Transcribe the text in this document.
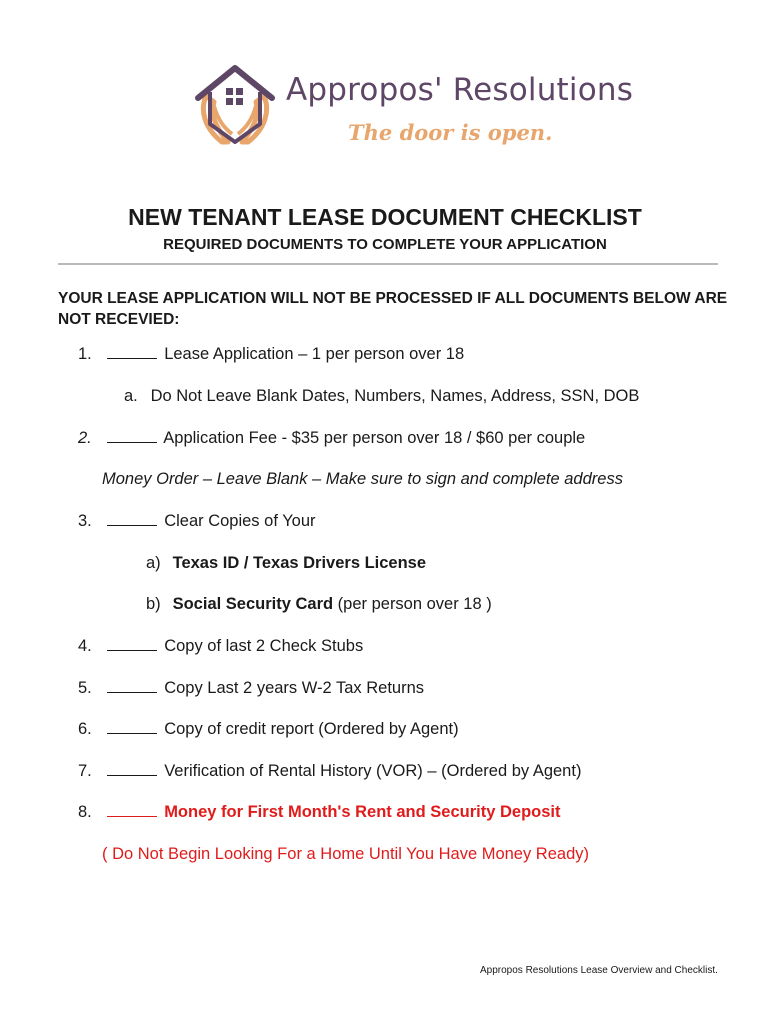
Appropos' Resolutions
The door is open.
NEW TENANT LEASE DOCUMENT CHECKLIST
REQUIRED DOCUMENTS TO COMPLETE YOUR APPLICATION
YOUR LEASE APPLICATION WILL NOT BE PROCESSED IF ALL DOCUMENTS BELOW ARE NOT RECEVIED:
1.	Lease Application – 1 per person over 18
a. Do Not Leave Blank Dates, Numbers, Names, Address, SSN, DOB
2.	Application Fee - $35 per person over 18 / $60 per couple
Money Order – Leave Blank – Make sure to sign and complete address
3.	Clear Copies of Your
a) Texas ID / Texas Drivers License
b) Social Security Card (per person over 18 )
4.	Copy of last 2 Check Stubs
5.	Copy Last 2 years W-2 Tax Returns
6.	Copy of credit report (Ordered by Agent)
7.	Verification of Rental History (VOR) – (Ordered by Agent)
8.	Money for First Month's Rent and Security Deposit
( Do Not Begin Looking For a Home Until You Have Money Ready)
Appropos Resolutions Lease Overview and Checklist.
